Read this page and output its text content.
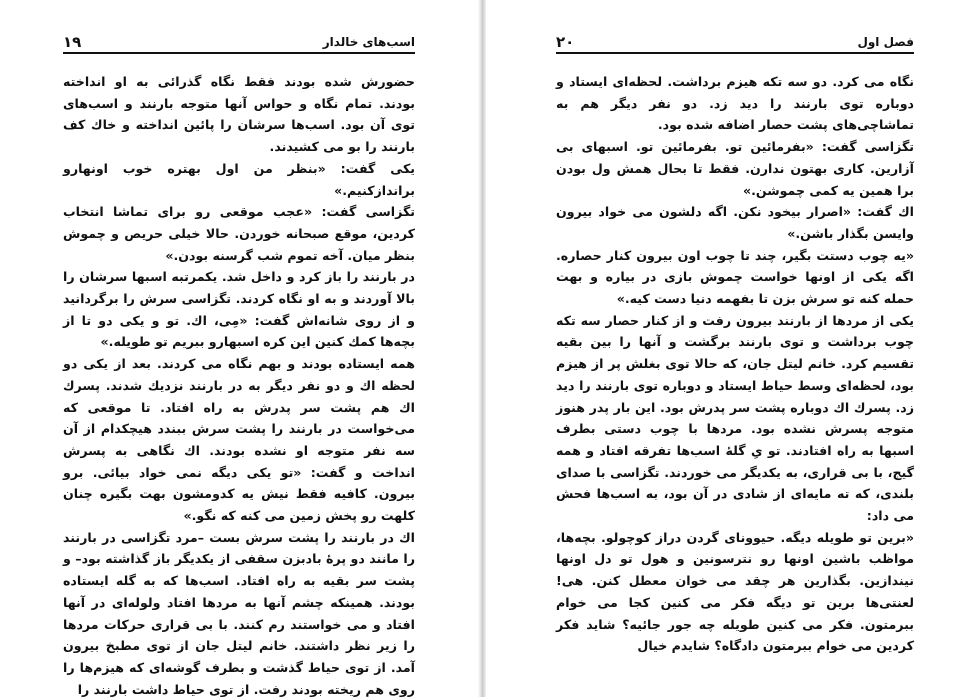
اسب‌های خالدار
۱۹

حضورش شده بودند فقط نگاه گذرائی به او انداخته بودند. تمام نگاه و حواس آنها متوجه بارنند و اسب‌های توی آن بود. اسب‌ها سرشان را پائین انداخته و خاك کف بارنند را بو می کشیدند.

یکی گفت: «بنظر من اول بهتره خوب اونهارو براندازکنیم.»

تگزاسی گفت: «عجب موقعی رو برای تماشا انتخاب کردین، موقع صبحانه خوردن. حالا خیلی حریص و چموش بنظر میان. آخه تموم شب گرسنه بودن.»

در بارنند را باز کرد و داخل شد. یکمرتبه اسبها سرشان را بالا آوردند و به او نگاه کردند. تگزاسی سرش را برگردانید و از روی شانه‌اش گفت: «مِی، اك. تو و یکی دو تا از بچه‌ها کمك کنین این کره اسبهارو ببریم تو طویله.»

همه ایستاده بودند و بهم نگاه می کردند. بعد از یکی دو لحظه اك و دو نفر دیگر به در بارنند نزدیك شدند. پسرك اك هم پشت سر پدرش به راه افتاد. تا موقعی که می‌خواست در بارنند را پشت سرش ببندد هیچکدام از آن سه نفر متوجه او نشده بودند. اك نگاهی به پسرش انداخت و گفت: «تو یکی دیگه نمی خواد بیائی. برو بیرون. کافیه فقط نیش یه کدومشون بهت بگیره چنان کلهت رو پخش زمین می کنه که نگو.»

اك در بارنند را پشت سرش بست –مرد تگزاسی در بارنند را مانند دو پرهٔ بادبزن سقفی از یکدیگر باز گذاشته بود– و پشت سر بقیه به راه افتاد. اسب‌ها که به گله ایستاده بودند. همینکه چشم آنها به مردها افتاد ولوله‌ای در آنها افتاد و می خواستند رم کنند. با بی قراری حرکات مردها را زیر نظر داشتند. خانم لیتل جان از توی مطبخ بیرون آمد. از توی حیاط گذشت و بطرف گوشه‌ای که هیزم‌ها را روی هم ریخته بودند رفت. از توی حیاط داشت بارنند را

فصل اول
۲۰

نگاه می کرد. دو سه تکه هیزم برداشت. لحظه‌ای ایستاد و دوباره توی بارنند را دید زد. دو نفر دیگر هم به تماشاچی‌های پشت حصار اضافه شده بود.

تگزاسی گفت: «بفرمائین تو. بفرمائین تو. اسبهای بی آزارین. کاری بهتون ندارن. فقط تا بحال همش ول بودن برا همین یه کمی چموشن.»

اك گفت: «اصرار بیخود نکن. اگه دلشون می خواد بیرون وایسن بگذار باشن.»

«یه چوب دستت بگیر، چند تا چوب اون بیرون کنار حصاره. اگه یکی از اونها خواست چموش بازی در بیاره و بهت حمله کنه تو سرش بزن تا بفهمه دنیا دست کیه.»

یکی از مردها از بارنند بیرون رفت و از کنار حصار سه تکه چوب برداشت و توی بارنند برگشت و آنها را بین بقیه تقسیم کرد. خانم لیتل جان، که حالا توی بغلش پر از هیزم بود، لحظه‌ای وسط حیاط ایستاد و دوباره توی بارنند را دید زد. پسرك اك دوباره پشت سر پدرش بود. این بار پدر هنوز متوجه پسرش نشده بود. مردها با چوب دستی بطرف اسبها به راه افتادند. تو یِ گلهٔ اسب‌ها تفرقه افتاد و همه گیج، با بی قراری، به یکدیگر می خوردند. تگزاسی با صدای بلندی، که ته مایه‌ای از شادی در آن بود، به اسب‌ها فحش می داد:

«برین تو طویله دیگه. حیوونای گردن دراز کوچولو. بچه‌ها، مواظب باشین اونها رو نترسونین و هول تو دل اونها نیندازین. بگذارین هر چقد می خوان معطل کنن. هی! لعنتی‌ها برین تو دیگه فکر می کنین کجا می خوام ببرمتون. فکر می کنین طویله چه جور جائیه؟ شاید فکر کردین می خوام ببرمتون دادگاه؟ شایدم خیال
